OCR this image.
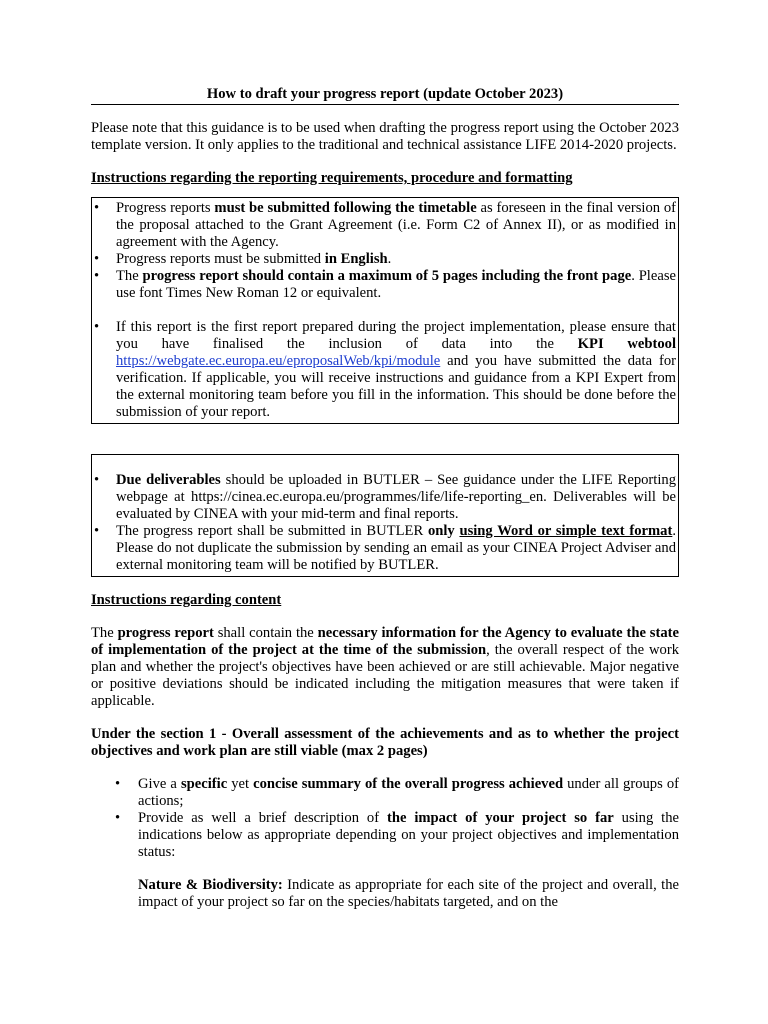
How to draft your progress report (update October 2023)

Please note that this guidance is to be used when drafting the progress report using the October 2023 template version. It only applies to the traditional and technical assistance LIFE 2014-2020 projects.

Instructions regarding the reporting requirements, procedure and formatting

• Progress reports must be submitted following the timetable as foreseen in the final version of the proposal attached to the Grant Agreement (i.e. Form C2 of Annex II), or as modified in agreement with the Agency.
• Progress reports must be submitted in English.
• The progress report should contain a maximum of 5 pages including the front page. Please use font Times New Roman 12 or equivalent.
• If this report is the first report prepared during the project implementation, please ensure that you have finalised the inclusion of data into the KPI webtool https://webgate.ec.europa.eu/eproposalWeb/kpi/module and you have submitted the data for verification. If applicable, you will receive instructions and guidance from a KPI Expert from the external monitoring team before you fill in the information. This should be done before the submission of your report.
• Due deliverables should be uploaded in BUTLER – See guidance under the LIFE Reporting webpage at https://cinea.ec.europa.eu/programmes/life/life-reporting_en. Deliverables will be evaluated by CINEA with your mid-term and final reports.
• The progress report shall be submitted in BUTLER only using Word or simple text format. Please do not duplicate the submission by sending an email as your CINEA Project Adviser and external monitoring team will be notified by BUTLER.

Instructions regarding content

The progress report shall contain the necessary information for the Agency to evaluate the state of implementation of the project at the time of the submission, the overall respect of the work plan and whether the project's objectives have been achieved or are still achievable. Major negative or positive deviations should be indicated including the mitigation measures that were taken if applicable.

Under the section 1 - Overall assessment of the achievements and as to whether the project objectives and work plan are still viable (max 2 pages)

• Give a specific yet concise summary of the overall progress achieved under all groups of actions;
• Provide as well a brief description of the impact of your project so far using the indications below as appropriate depending on your project objectives and implementation status:

Nature & Biodiversity: Indicate as appropriate for each site of the project and overall, the impact of your project so far on the species/habitats targeted, and on the
